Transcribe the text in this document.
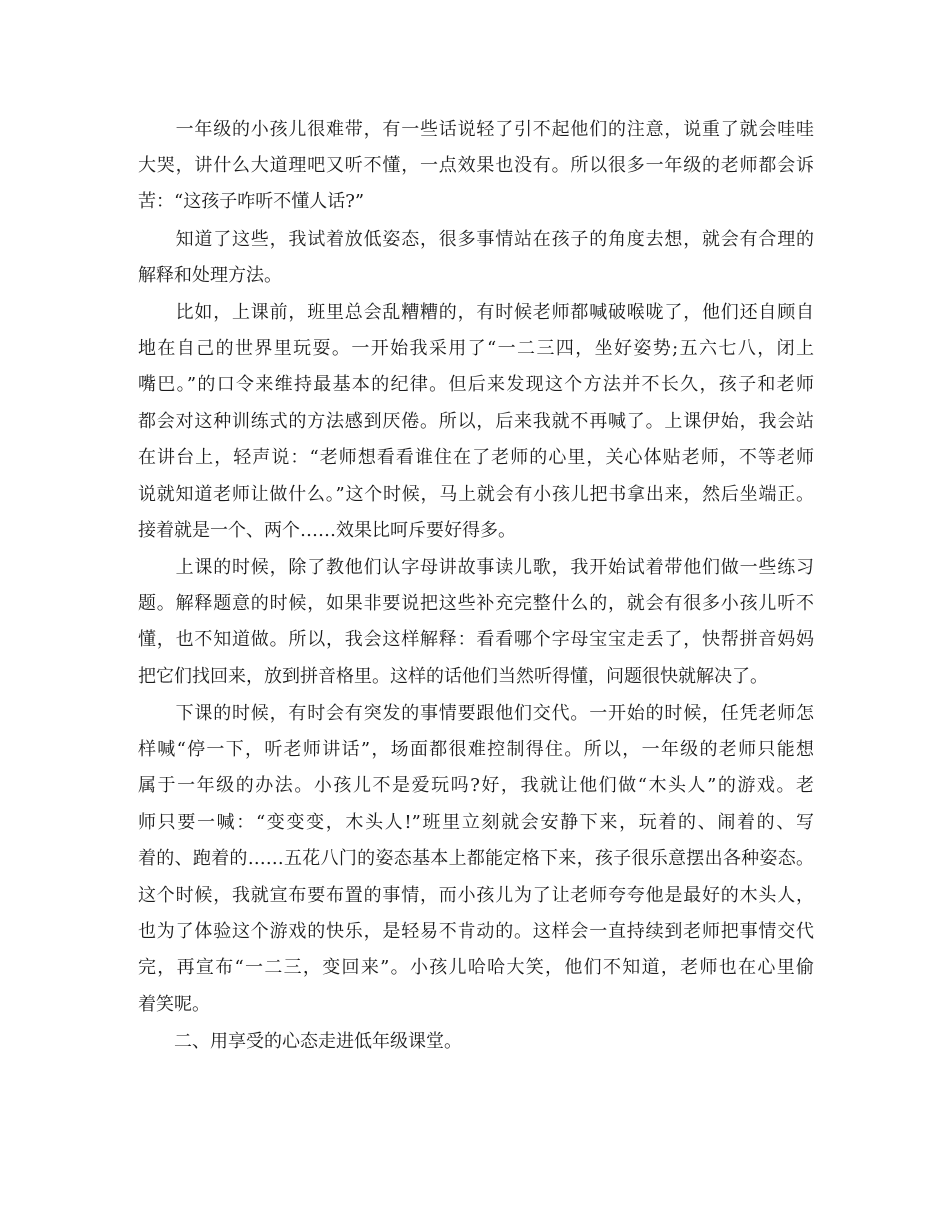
　　一年级的小孩儿很难带，有一些话说轻了引不起他们的注意，说重了就会哇哇
大哭，讲什么大道理吧又听不懂，一点效果也没有。所以很多一年级的老师都会诉
苦：“这孩子咋听不懂人话?”
　　知道了这些，我试着放低姿态，很多事情站在孩子的角度去想，就会有合理的
解释和处理方法。
　　比如，上课前，班里总会乱糟糟的，有时候老师都喊破喉咙了，他们还自顾自
地在自己的世界里玩耍。一开始我采用了“一二三四，坐好姿势;五六七八，闭上
嘴巴。”的口令来维持最基本的纪律。但后来发现这个方法并不长久，孩子和老师
都会对这种训练式的方法感到厌倦。所以，后来我就不再喊了。上课伊始，我会站
在讲台上，轻声说：“老师想看看谁住在了老师的心里，关心体贴老师，不等老师
说就知道老师让做什么。”这个时候，马上就会有小孩儿把书拿出来，然后坐端正。
接着就是一个、两个……效果比呵斥要好得多。
　　上课的时候，除了教他们认字母讲故事读儿歌，我开始试着带他们做一些练习
题。解释题意的时候，如果非要说把这些补充完整什么的，就会有很多小孩儿听不
懂，也不知道做。所以，我会这样解释：看看哪个字母宝宝走丢了，快帮拼音妈妈
把它们找回来，放到拼音格里。这样的话他们当然听得懂，问题很快就解决了。
　　下课的时候，有时会有突发的事情要跟他们交代。一开始的时候，任凭老师怎
样喊“停一下，听老师讲话”，场面都很难控制得住。所以，一年级的老师只能想
属于一年级的办法。小孩儿不是爱玩吗?好，我就让他们做“木头人”的游戏。老
师只要一喊：“变变变，木头人!”班里立刻就会安静下来，玩着的、闹着的、写
着的、跑着的……五花八门的姿态基本上都能定格下来，孩子很乐意摆出各种姿态。
这个时候，我就宣布要布置的事情，而小孩儿为了让老师夸夸他是最好的木头人，
也为了体验这个游戏的快乐，是轻易不肯动的。这样会一直持续到老师把事情交代
完，再宣布“一二三，变回来”。小孩儿哈哈大笑，他们不知道，老师也在心里偷
着笑呢。
　　二、用享受的心态走进低年级课堂。
